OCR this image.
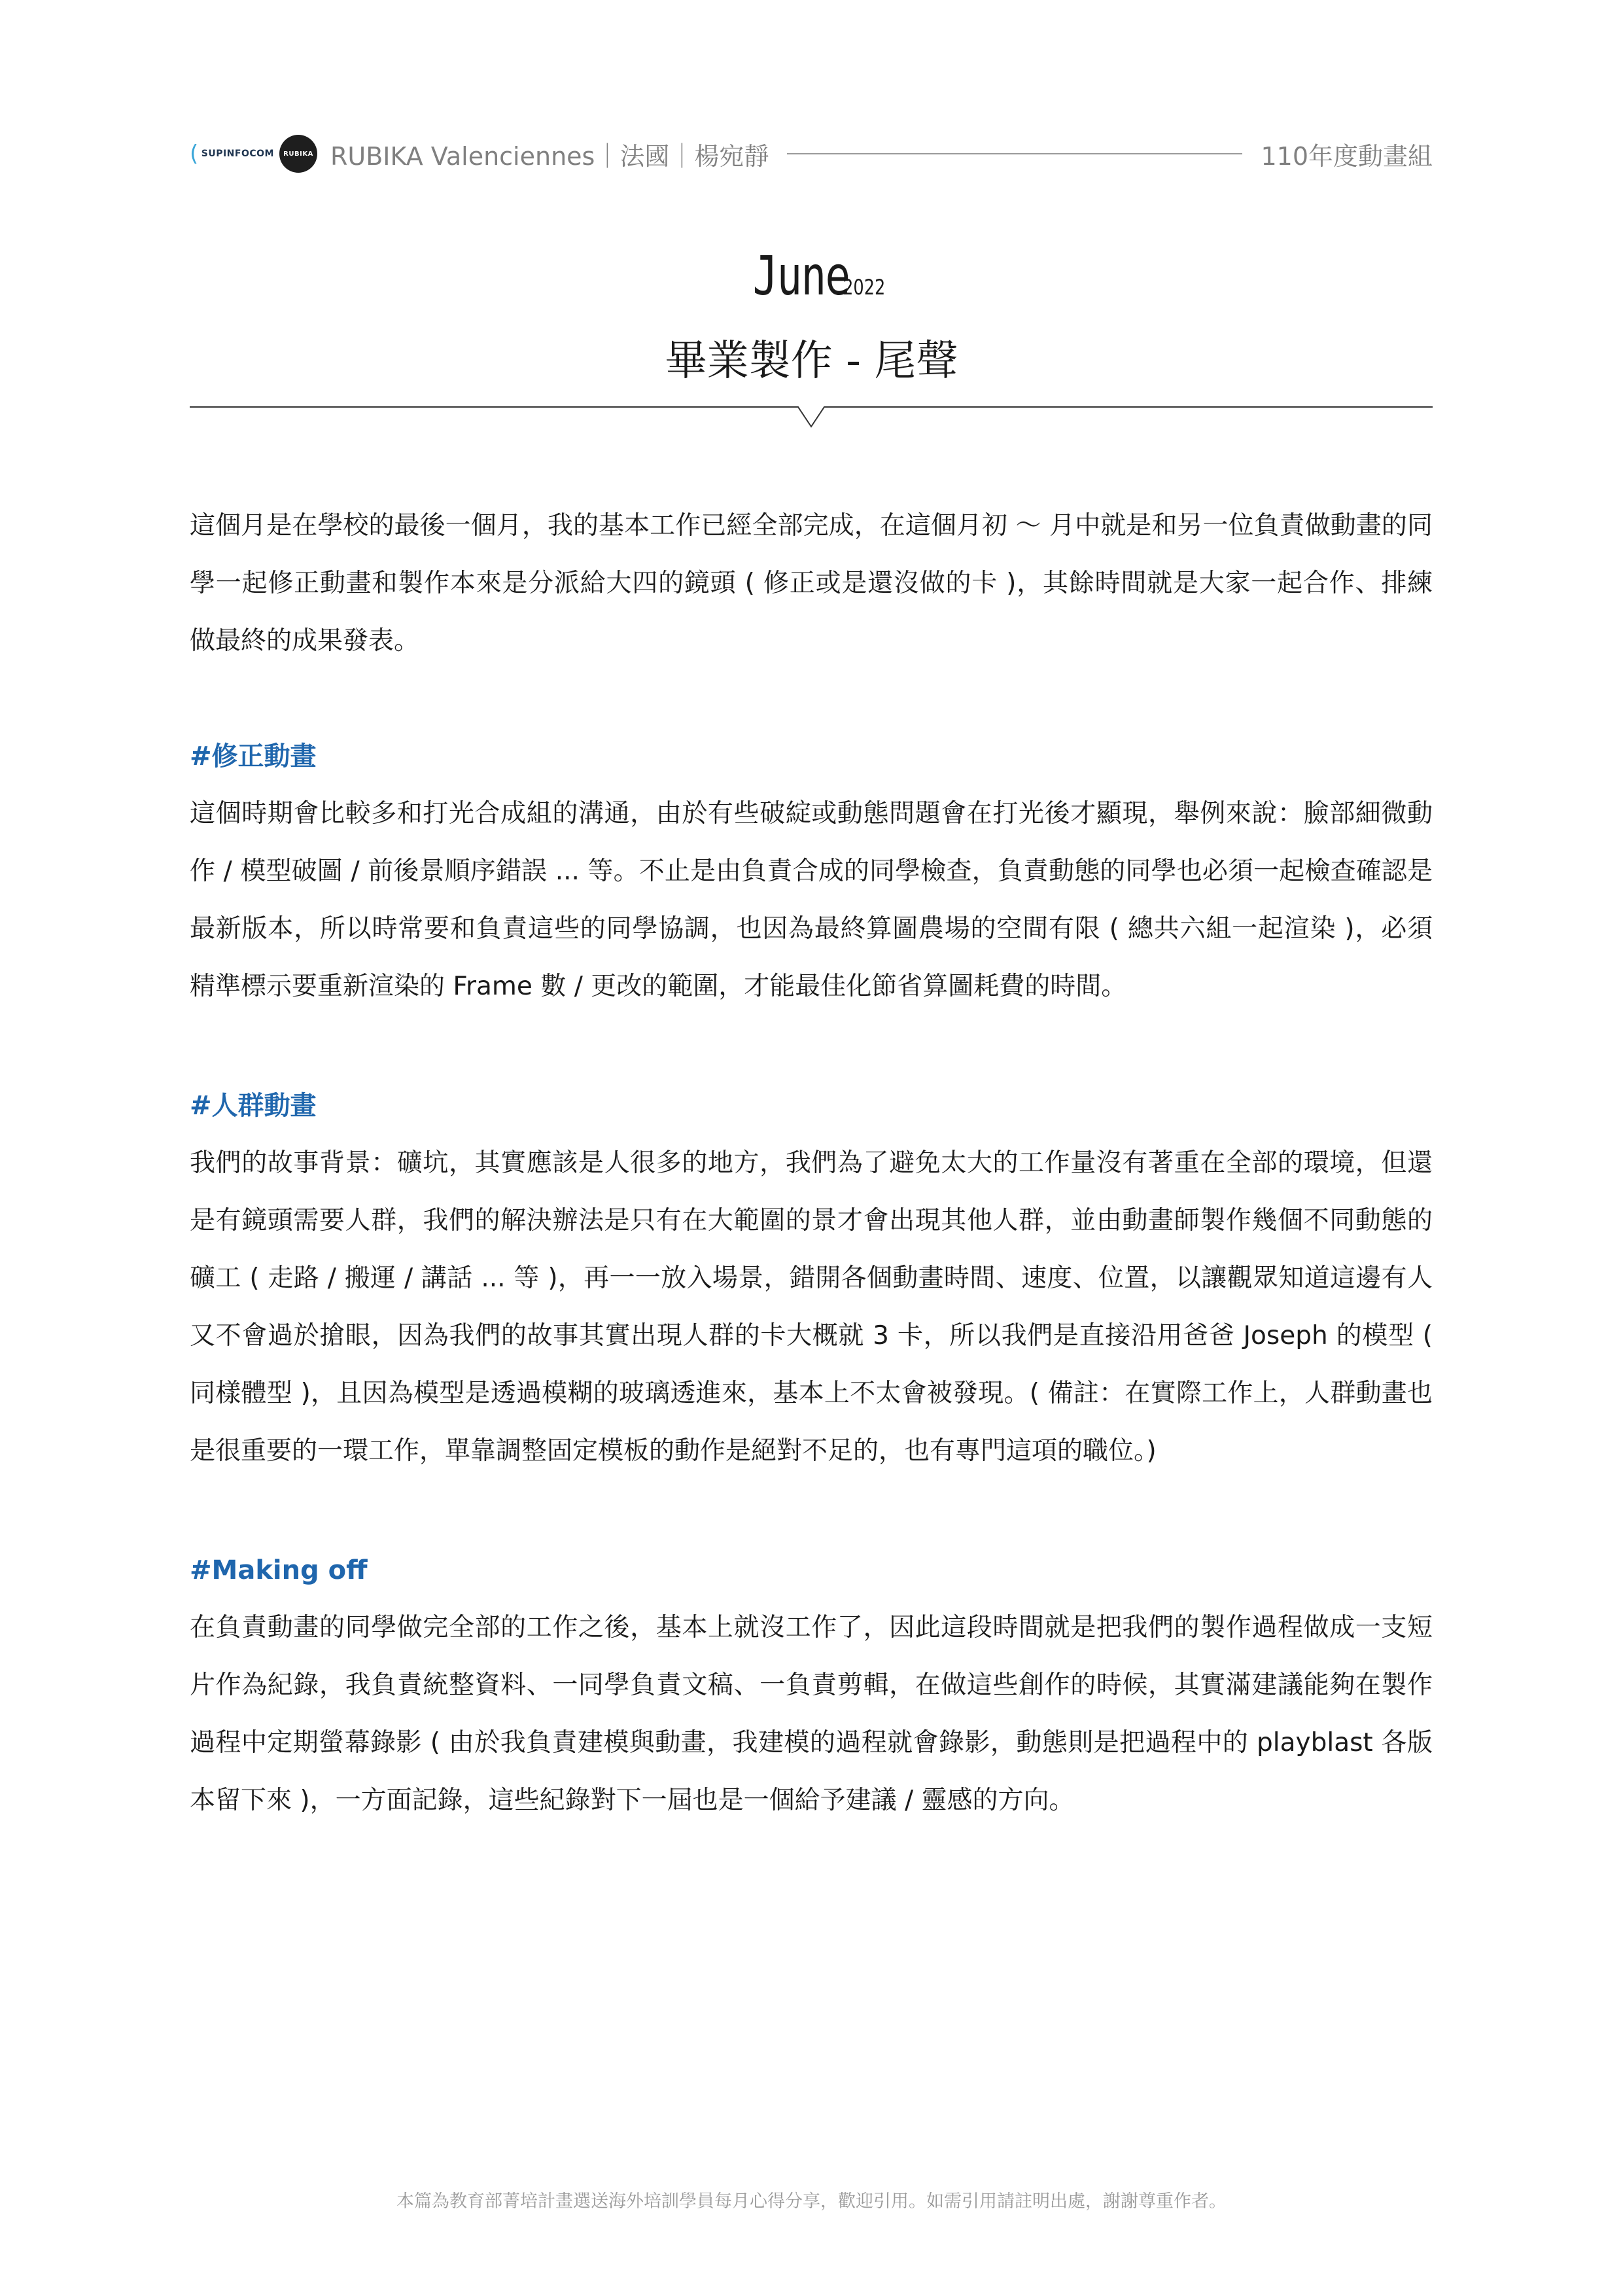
( SUPINFOCOM RUBIKA RUBIKA Valenciennes｜法國｜楊宛靜	110年度動畫組
June.2022
畢業製作 - 尾聲

這個月是在學校的最後一個月，我的基本工作已經全部完成，在這個月初 ～ 月中就是和另一位負責做動畫的同學一起修正動畫和製作本來是分派給大四的鏡頭 ( 修正或是還沒做的卡 )，其餘時間就是大家一起合作、排練做最終的成果發表。

#修正動畫

這個時期會比較多和打光合成組的溝通，由於有些破綻或動態問題會在打光後才顯現，舉例來說：臉部細微動作 / 模型破圖 / 前後景順序錯誤 ... 等。不止是由負責合成的同學檢查，負責動態的同學也必須一起檢查確認是最新版本，所以時常要和負責這些的同學協調，也因為最終算圖農場的空間有限 ( 總共六組一起渲染 )，必須精準標示要重新渲染的 Frame 數 / 更改的範圍，才能最佳化節省算圖耗費的時間。

#人群動畫

我們的故事背景：礦坑，其實應該是人很多的地方，我們為了避免太大的工作量沒有著重在全部的環境，但還是有鏡頭需要人群，我們的解決辦法是只有在大範圍的景才會出現其他人群，並由動畫師製作幾個不同動態的礦工 ( 走路 / 搬運 / 講話 ... 等 )，再一一放入場景，錯開各個動畫時間、速度、位置，以讓觀眾知道這邊有人又不會過於搶眼，因為我們的故事其實出現人群的卡大概就 3 卡，所以我們是直接沿用爸爸 Joseph 的模型 ( 同樣體型 )，且因為模型是透過模糊的玻璃透進來，基本上不太會被發現。( 備註：在實際工作上，人群動畫也是很重要的一環工作，單靠調整固定模板的動作是絕對不足的，也有專門這項的職位。)

#Making off

在負責動畫的同學做完全部的工作之後，基本上就沒工作了，因此這段時間就是把我們的製作過程做成一支短片作為紀錄，我負責統整資料、一同學負責文稿、一負責剪輯，在做這些創作的時候，其實滿建議能夠在製作過程中定期螢幕錄影 ( 由於我負責建模與動畫，我建模的過程就會錄影，動態則是把過程中的 playblast 各版本留下來 )，一方面記錄，這些紀錄對下一屆也是一個給予建議 / 靈感的方向。

本篇為教育部菁培計畫選送海外培訓學員每月心得分享，歡迎引用。如需引用請註明出處，謝謝尊重作者。
